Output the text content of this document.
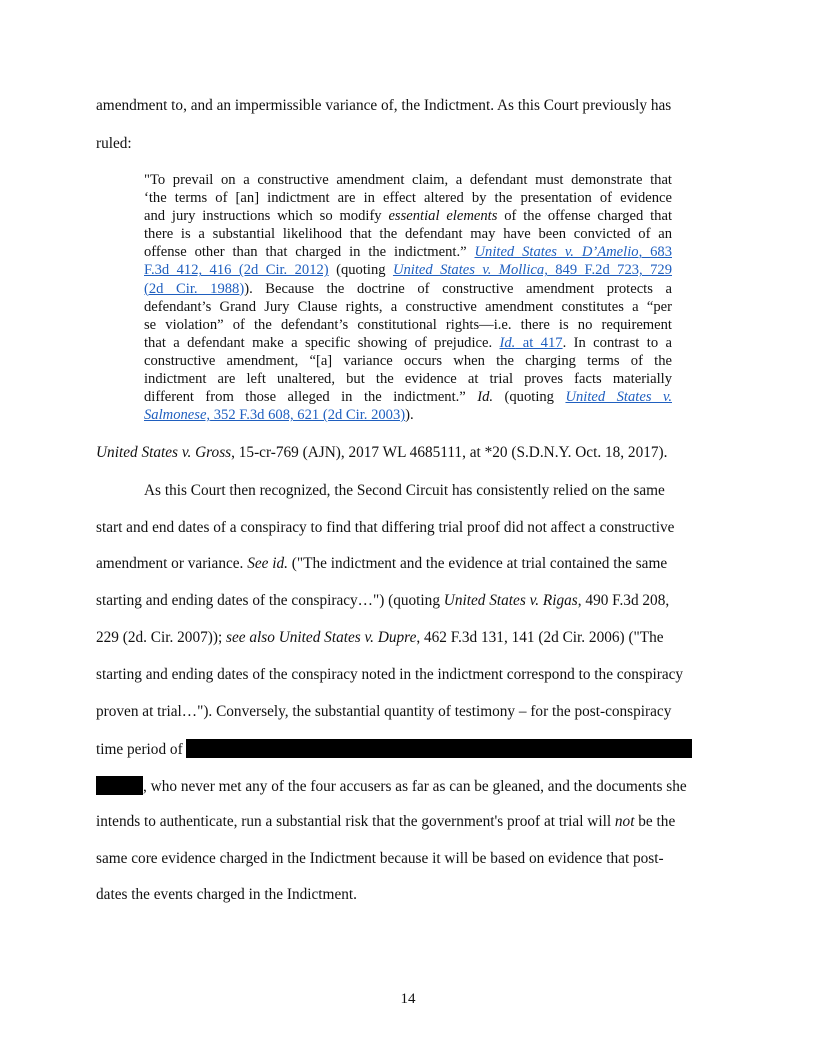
amendment to, and an impermissible variance of, the Indictment. As this Court previously has
ruled:
"To prevail on a constructive amendment claim, a defendant must demonstrate that
‘the terms of [an] indictment are in effect altered by the presentation of evidence
and jury instructions which so modify essential elements of the offense charged that
there is a substantial likelihood that the defendant may have been convicted of an
offense other than that charged in the indictment.” United States v. D’Amelio, 683
F.3d 412, 416 (2d Cir. 2012) (quoting United States v. Mollica, 849 F.2d 723, 729
(2d Cir. 1988)). Because the doctrine of constructive amendment protects a
defendant’s Grand Jury Clause rights, a constructive amendment constitutes a “per
se violation” of the defendant’s constitutional rights—i.e. there is no requirement
that a defendant make a specific showing of prejudice. Id. at 417. In contrast to a
constructive amendment, “[a] variance occurs when the charging terms of the
indictment are left unaltered, but the evidence at trial proves facts materially
different from those alleged in the indictment.” Id. (quoting United States v.
Salmonese, 352 F.3d 608, 621 (2d Cir. 2003)).
United States v. Gross, 15-cr-769 (AJN), 2017 WL 4685111, at *20 (S.D.N.Y. Oct. 18, 2017).
As this Court then recognized, the Second Circuit has consistently relied on the same
start and end dates of a conspiracy to find that differing trial proof did not affect a constructive
amendment or variance. See id. ("The indictment and the evidence at trial contained the same
starting and ending dates of the conspiracy…") (quoting United States v. Rigas, 490 F.3d 208,
229 (2d. Cir. 2007)); see also United States v. Dupre, 462 F.3d 131, 141 (2d Cir. 2006) ("The
starting and ending dates of the conspiracy noted in the indictment correspond to the conspiracy
proven at trial…"). Conversely, the substantial quantity of testimony – for the post-conspiracy
time period of
, who never met any of the four accusers as far as can be gleaned, and the documents she
intends to authenticate, run a substantial risk that the government's proof at trial will not be the
same core evidence charged in the Indictment because it will be based on evidence that post-
dates the events charged in the Indictment.
14
